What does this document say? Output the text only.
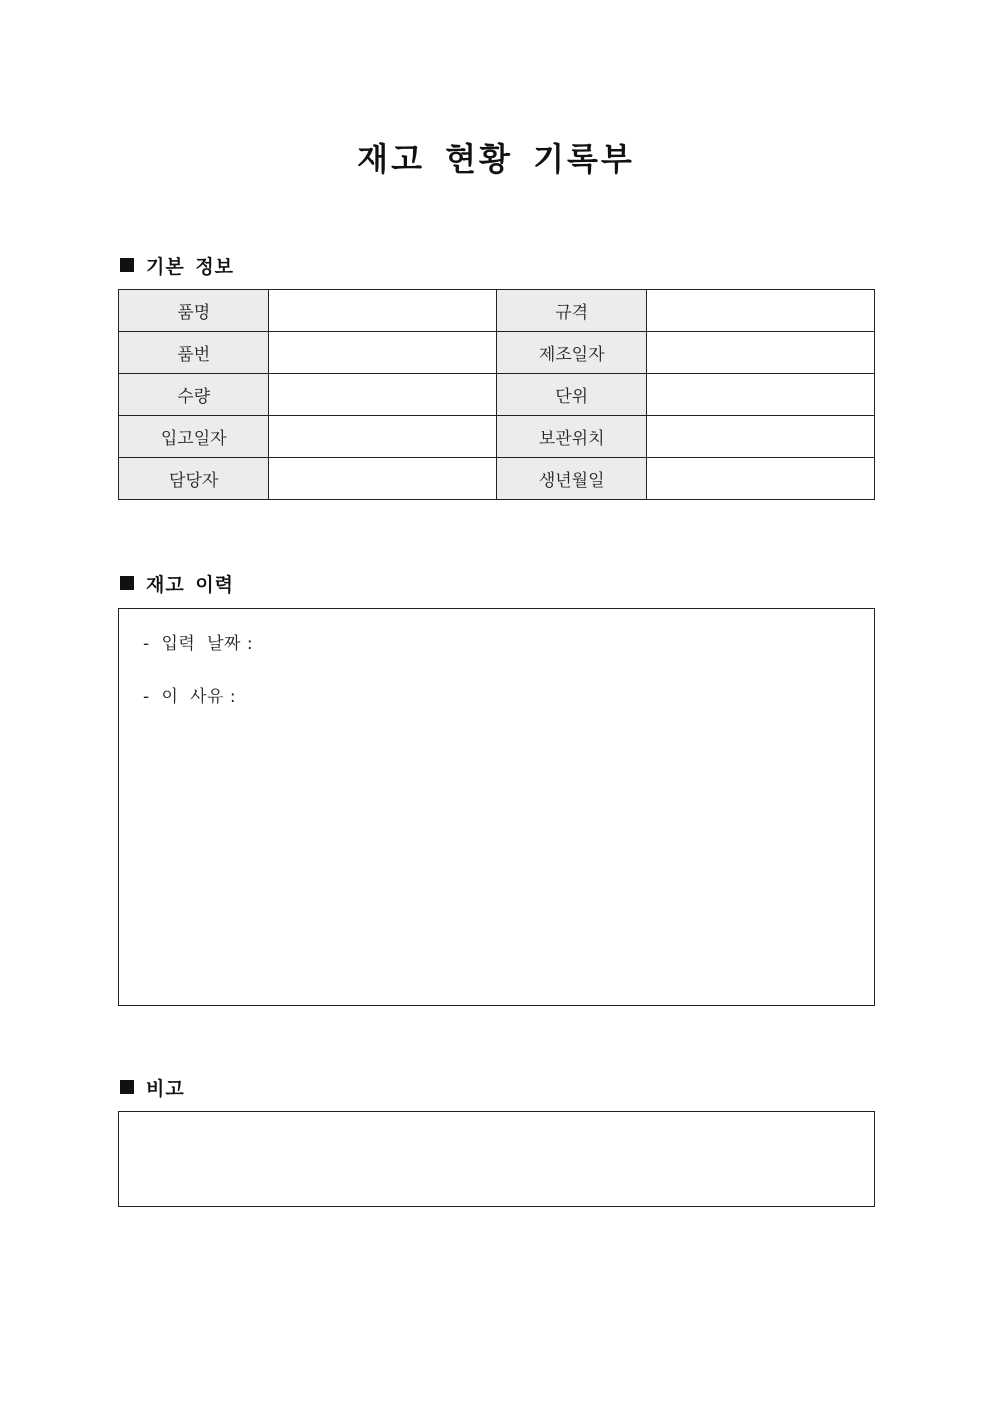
재고 현황 기록부
기본 정보
품명		규격	
품번		제조일자	
수량		단위	
입고일자		보관위치	
담당자		생년월일	
재고 이력
-  입력  날짜 :
-  이  사유 :
비고
